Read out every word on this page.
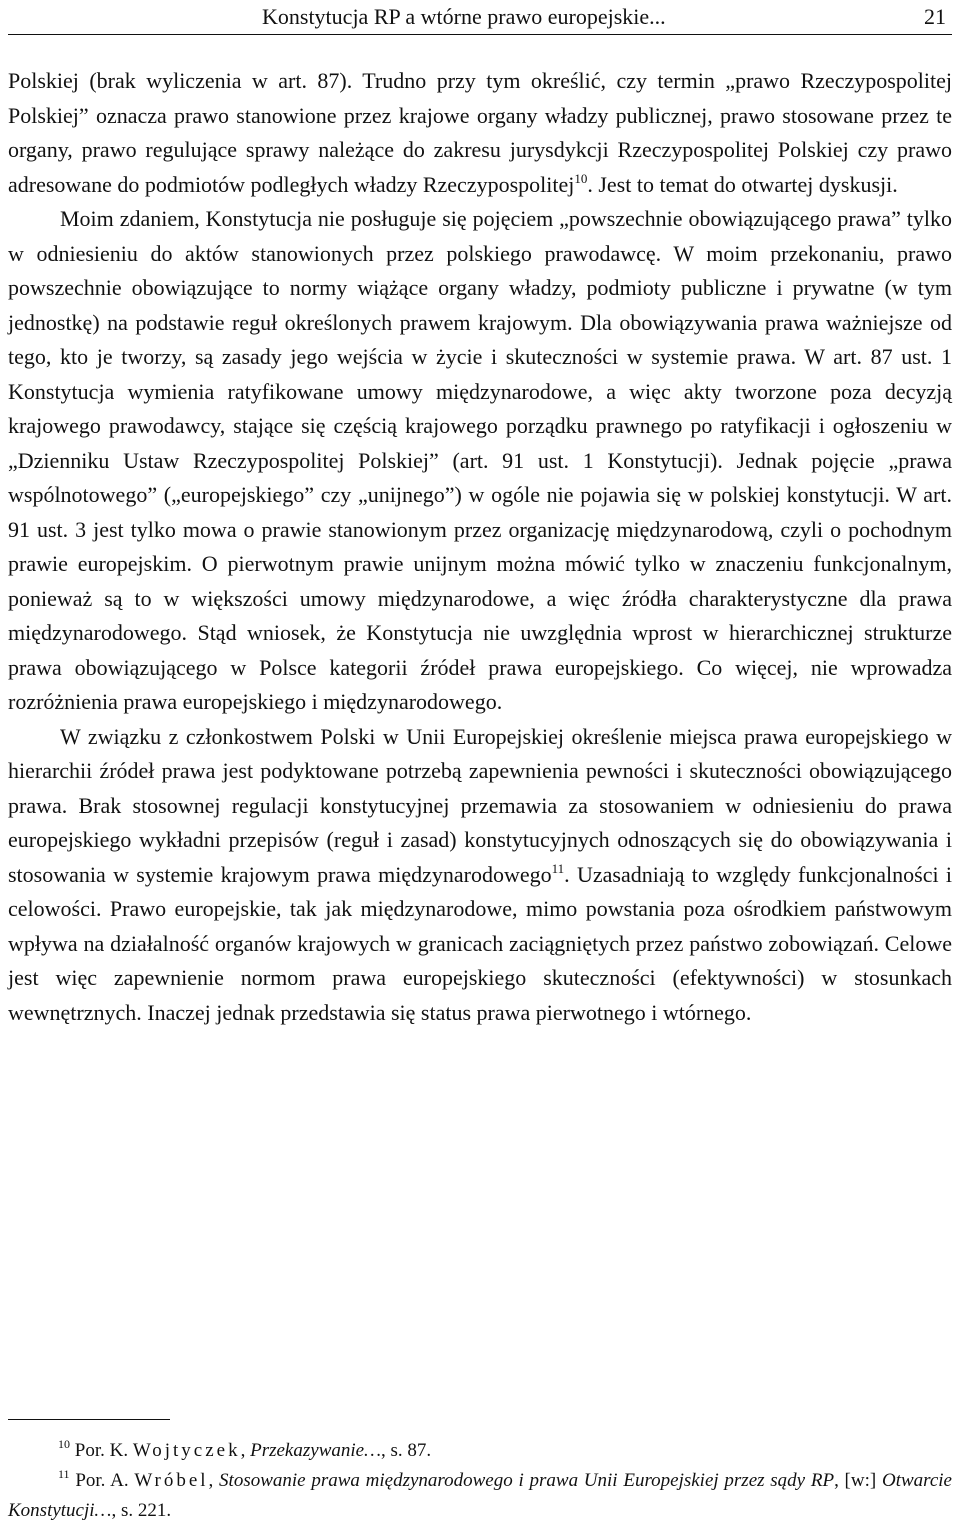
Konstytucja RP a wtórne prawo europejskie...	21

Polskiej (brak wyliczenia w art. 87). Trudno przy tym określić, czy termin „prawo Rzeczypospolitej Polskiej” oznacza prawo stanowione przez krajowe organy władzy publicznej, prawo stosowane przez te organy, prawo regulujące sprawy należące do zakresu jurysdykcji Rzeczypospolitej Polskiej czy prawo adresowane do podmiotów podległych władzy Rzeczypospolitej$^{10}$. Jest to temat do otwartej dyskusji.

Moim zdaniem, Konstytucja nie posługuje się pojęciem „powszechnie obowiązującego prawa” tylko w odniesieniu do aktów stanowionych przez polskiego prawodawcę. W moim przekonaniu, prawo powszechnie obowiązujące to normy wiążące organy władzy, podmioty publiczne i prywatne (w tym jednostkę) na podstawie reguł określonych prawem krajowym. Dla obowiązywania prawa ważniejsze od tego, kto je tworzy, są zasady jego wejścia w życie i skuteczności w systemie prawa. W art. 87 ust. 1 Konstytucja wymienia ratyfikowane umowy międzynarodowe, a więc akty tworzone poza decyzją krajowego prawodawcy, stające się częścią krajowego porządku prawnego po ratyfikacji i ogłoszeniu w „Dzienniku Ustaw Rzeczypospolitej Polskiej” (art. 91 ust. 1 Konstytucji). Jednak pojęcie „prawa wspólnotowego” („europejskiego” czy „unijnego”) w ogóle nie pojawia się w polskiej konstytucji. W art. 91 ust. 3 jest tylko mowa o prawie stanowionym przez organizację międzynarodową, czyli o pochodnym prawie europejskim. O pierwotnym prawie unijnym można mówić tylko w znaczeniu funkcjonalnym, ponieważ są to w większości umowy międzynarodowe, a więc źródła charakterystyczne dla prawa międzynarodowego. Stąd wniosek, że Konstytucja nie uwzględnia wprost w hierarchicznej strukturze prawa obowiązującego w Polsce kategorii źródeł prawa europejskiego. Co więcej, nie wprowadza rozróżnienia prawa europejskiego i międzynarodowego.

W związku z członkostwem Polski w Unii Europejskiej określenie miejsca prawa europejskiego w hierarchii źródeł prawa jest podyktowane potrzebą zapewnienia pewności i skuteczności obowiązującego prawa. Brak stosownej regulacji konstytucyjnej przemawia za stosowaniem w odniesieniu do prawa europejskiego wykładni przepisów (reguł i zasad) konstytucyjnych odnoszących się do obowiązywania i stosowania w systemie krajowym prawa międzynarodowego$^{11}$. Uzasadniają to względy funkcjonalności i celowości. Prawo europejskie, tak jak międzynarodowe, mimo powstania poza ośrodkiem państwowym wpływa na działalność organów krajowych w granicach zaciągniętych przez państwo zobowiązań. Celowe jest więc zapewnienie normom prawa europejskiego skuteczności (efektywności) w stosunkach wewnętrznych. Inaczej jednak przedstawia się status prawa pierwotnego i wtórnego.

$^{10}$ Por. K. Wojtyczek, Przekazywanie…, s. 87.

$^{11}$ Por. A. Wróbel, Stosowanie prawa międzynarodowego i prawa Unii Europejskiej przez sądy RP, [w:] Otwarcie Konstytucji…, s. 221.
